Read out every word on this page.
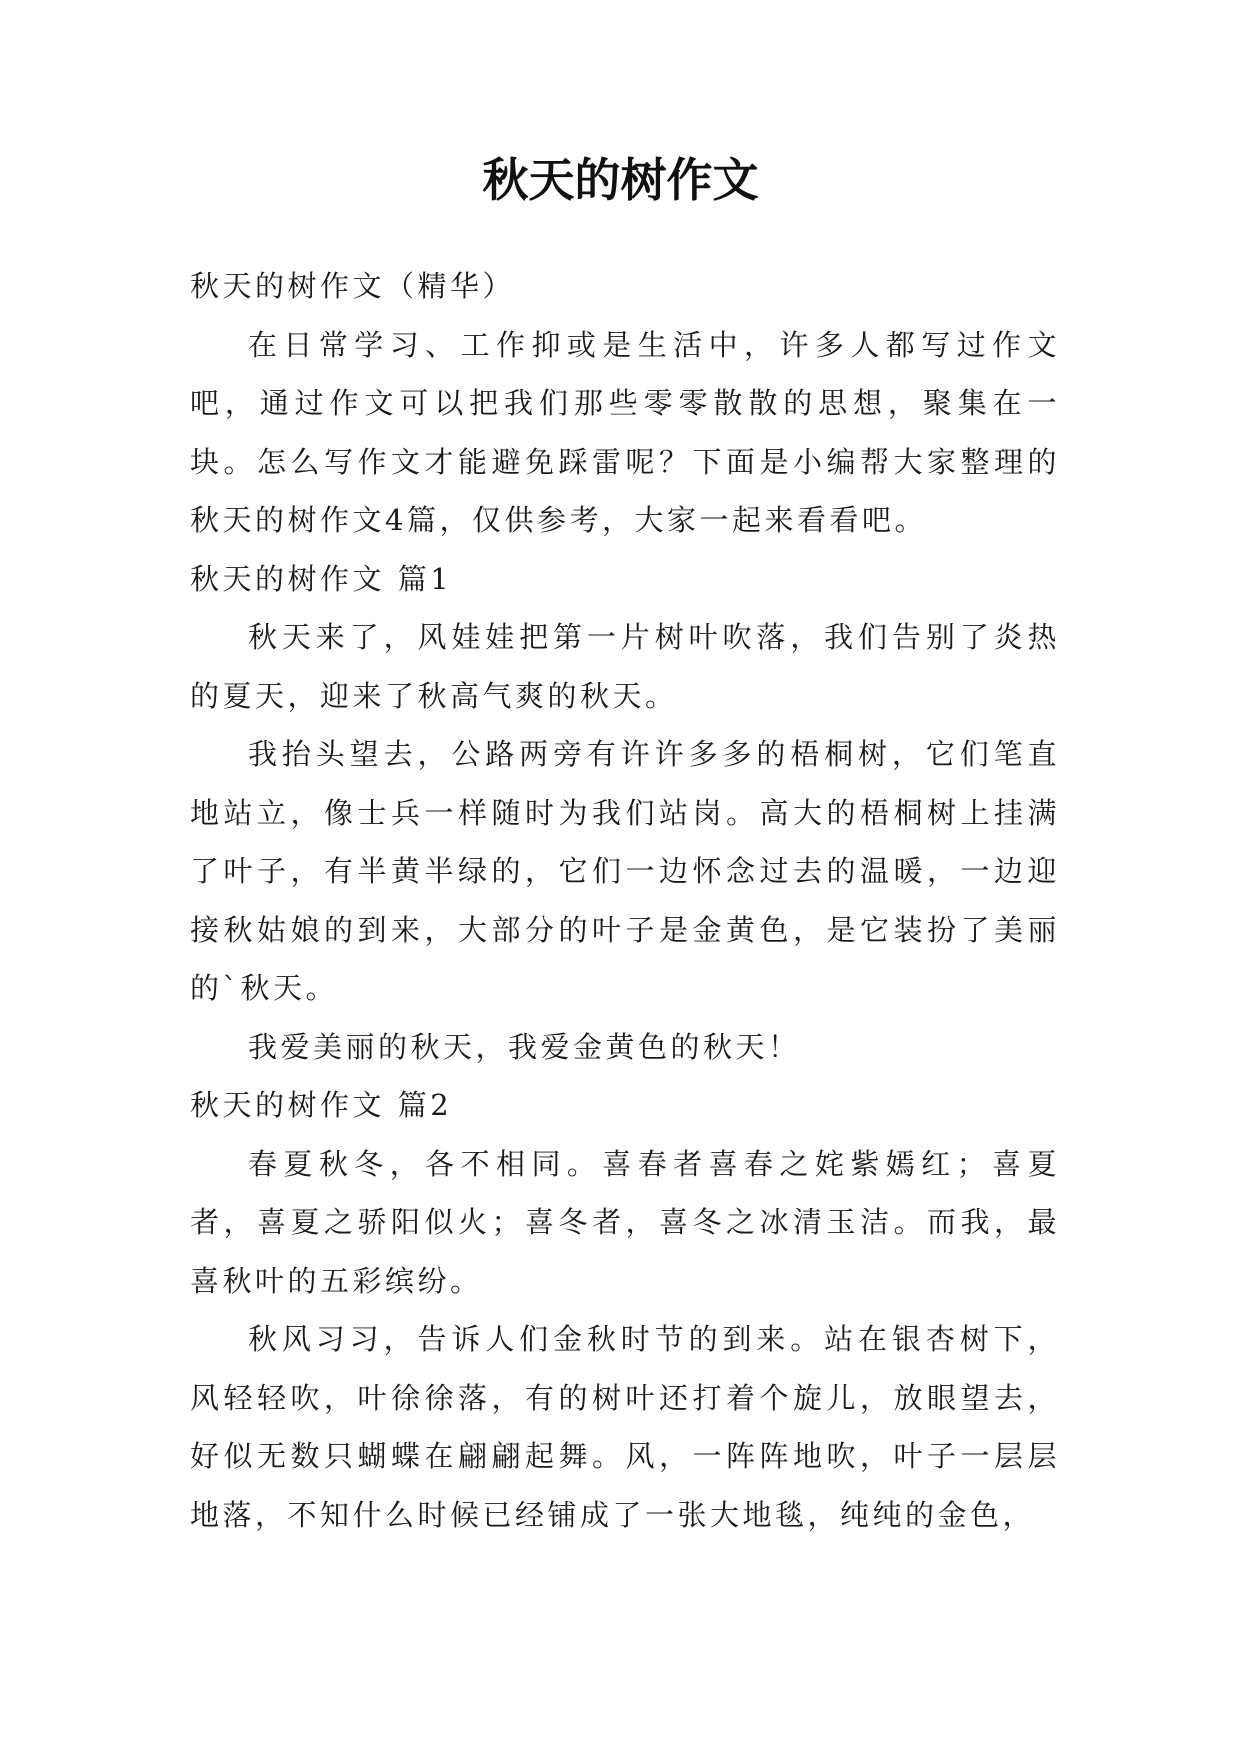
秋天的树作文

秋天的树作文（精华）

在日常学习、工作抑或是生活中，许多人都写过作文吧，通过作文可以把我们那些零零散散的思想，聚集在一块。怎么写作文才能避免踩雷呢？下面是小编帮大家整理的秋天的树作文4篇，仅供参考，大家一起来看看吧。

秋天的树作文 篇1

秋天来了，风娃娃把第一片树叶吹落，我们告别了炎热的夏天，迎来了秋高气爽的秋天。

我抬头望去，公路两旁有许许多多的梧桐树，它们笔直地站立，像士兵一样随时为我们站岗。高大的梧桐树上挂满了叶子，有半黄半绿的，它们一边怀念过去的温暖，一边迎接秋姑娘的到来，大部分的叶子是金黄色，是它装扮了美丽的`秋天。

我爱美丽的秋天，我爱金黄色的秋天！

秋天的树作文 篇2

春夏秋冬，各不相同。喜春者喜春之姹紫嫣红；喜夏者，喜夏之骄阳似火；喜冬者，喜冬之冰清玉洁。而我，最喜秋叶的五彩缤纷。

秋风习习，告诉人们金秋时节的到来。站在银杏树下，风轻轻吹，叶徐徐落，有的树叶还打着个旋儿，放眼望去，好似无数只蝴蝶在翩翩起舞。风，一阵阵地吹，叶子一层层地落，不知什么时候已经铺成了一张大地毯，纯纯的金色，
